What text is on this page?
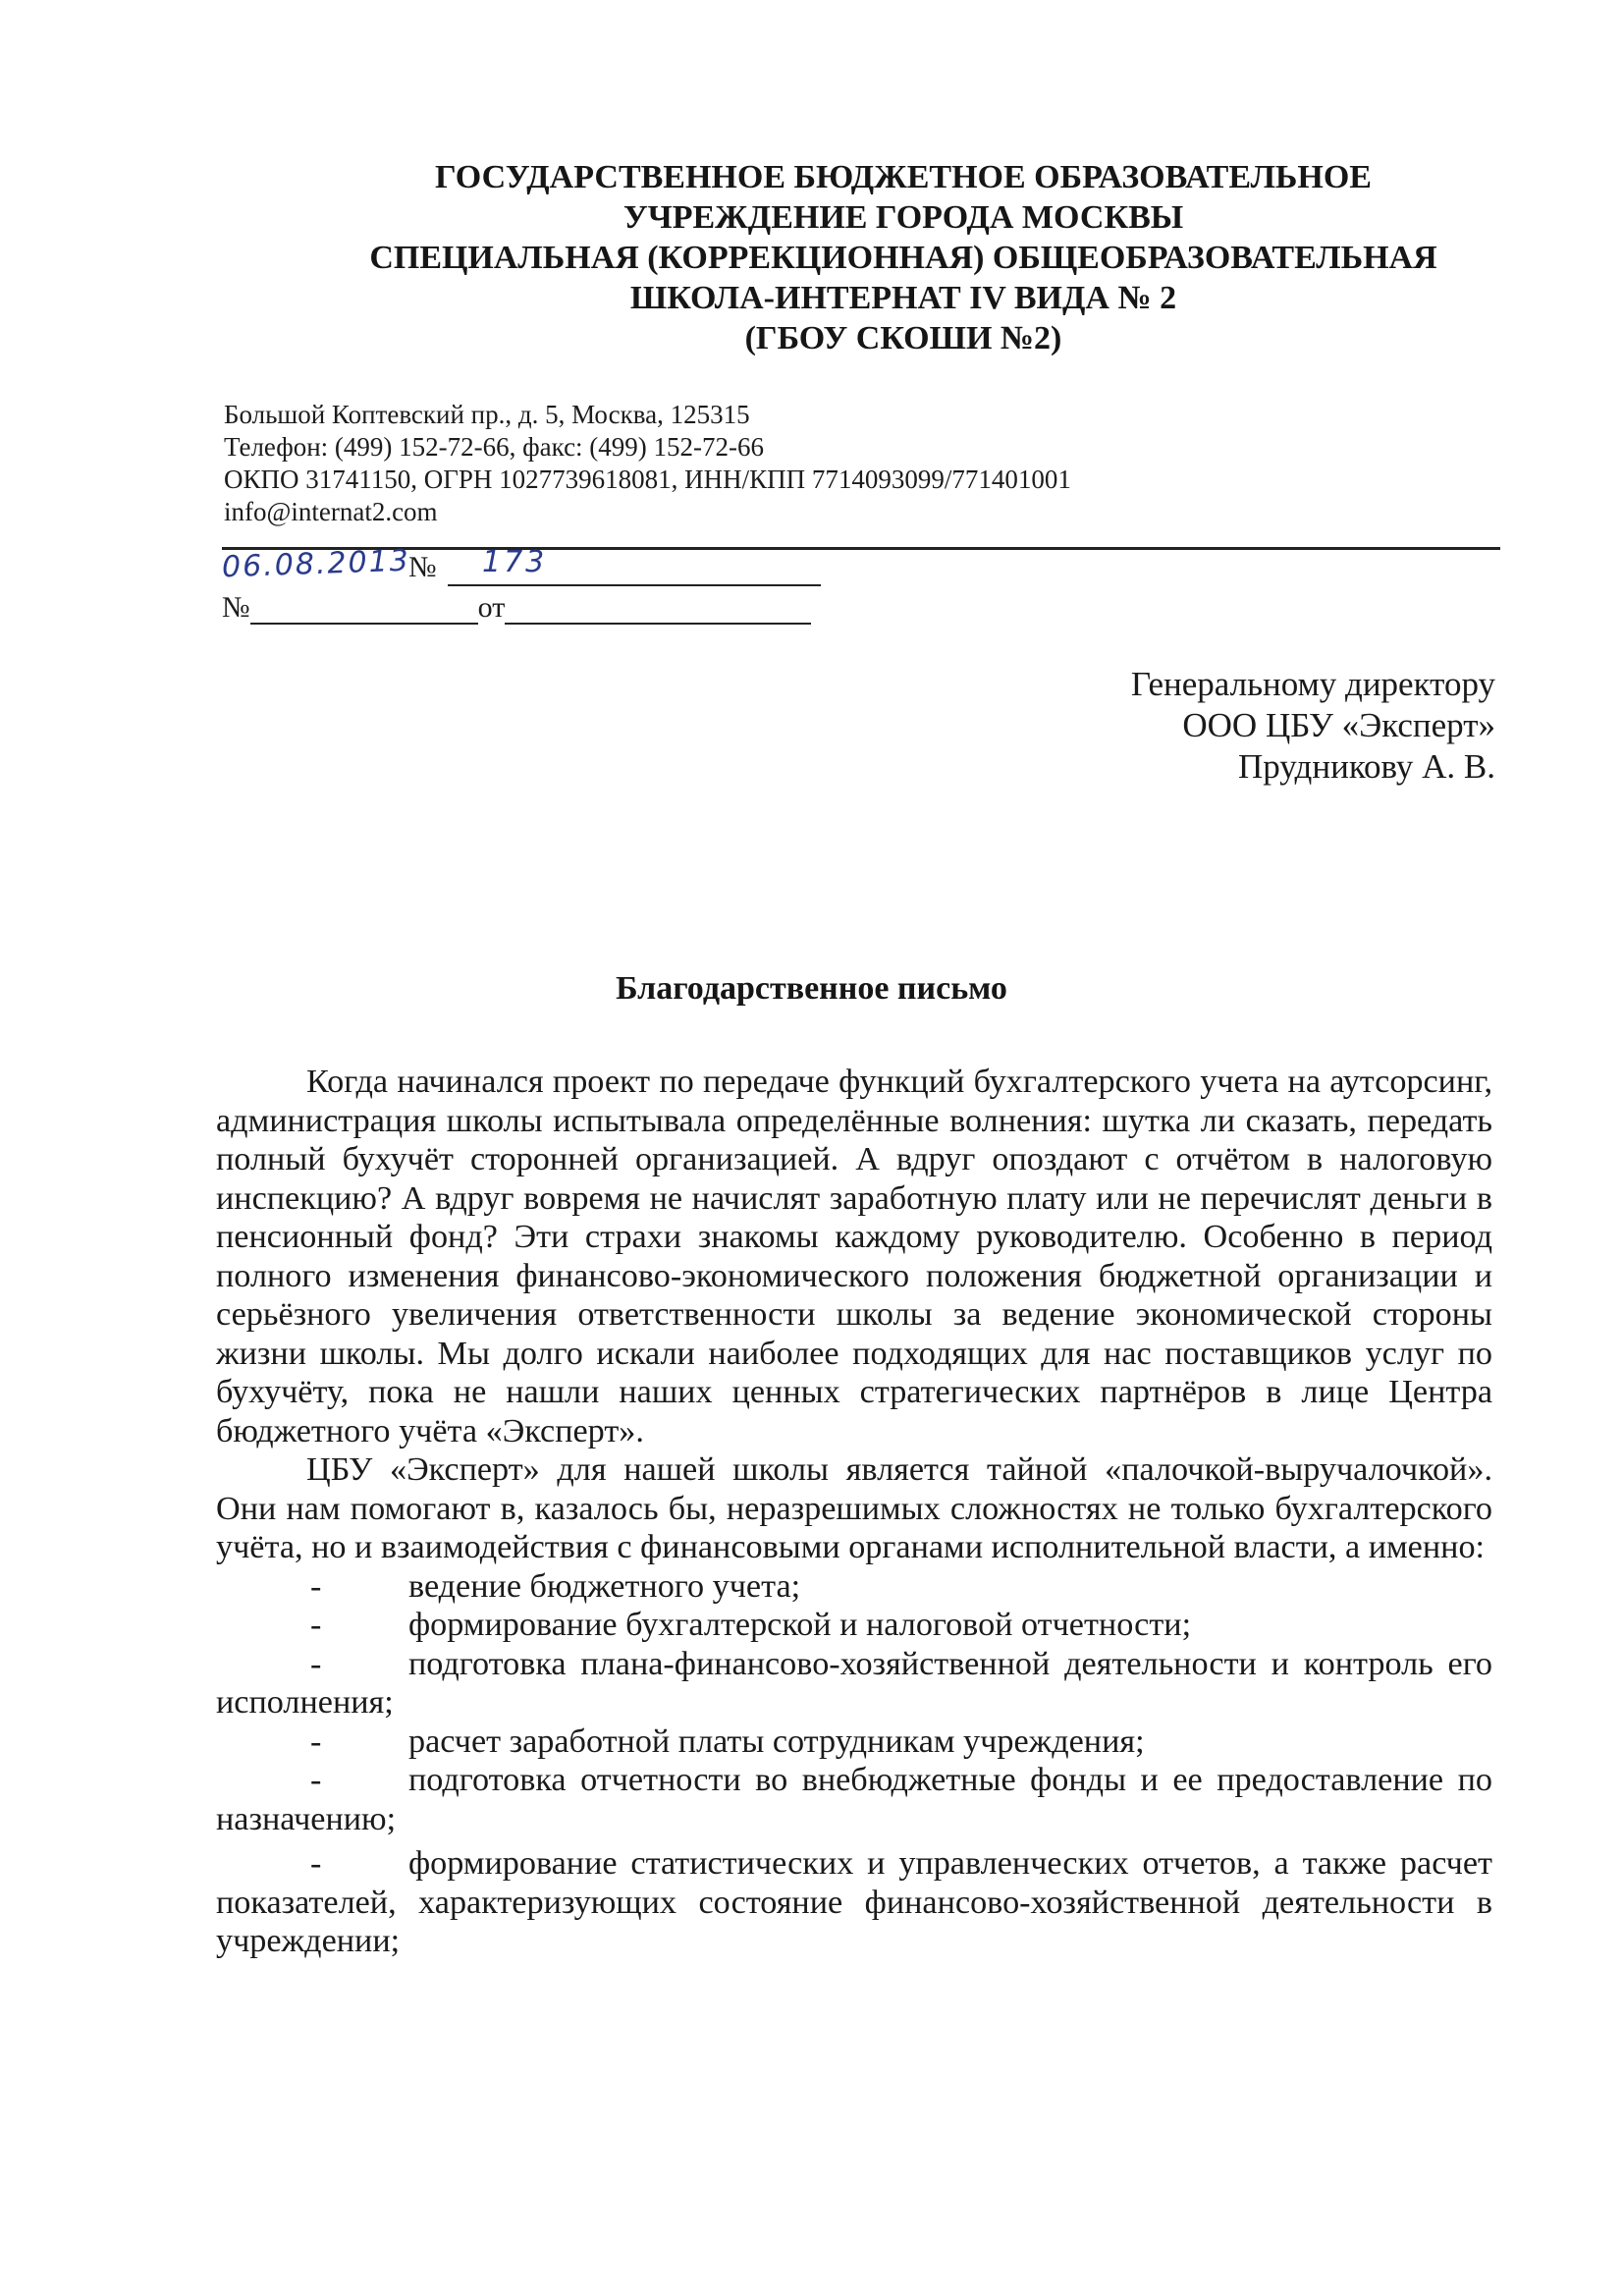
ГОСУДАРСТВЕННОЕ БЮДЖЕТНОЕ ОБРАЗОВАТЕЛЬНОЕ
УЧРЕЖДЕНИЕ ГОРОДА МОСКВЫ
СПЕЦИАЛЬНАЯ (КОРРЕКЦИОННАЯ) ОБЩЕОБРАЗОВАТЕЛЬНАЯ
ШКОЛА-ИНТЕРНАТ IV ВИДА № 2
(ГБОУ СКОШИ №2)
Большой Коптевский пр., д. 5, Москва, 125315
Телефон: (499) 152-72-66, факс: (499) 152-72-66
ОКПО 31741150, ОГРН 1027739618081, ИНН/КПП 7714093099/771401001
info@internat2.com
06.08.2013
№ 173
№	от
Генеральному директору
ООО ЦБУ «Эксперт»
Прудникову А. В.
Благодарственное письмо

Когда начинался проект по передаче функций бухгалтерского учета на аутсорсинг, администрация школы испытывала определённые волнения: шутка ли сказать, передать полный бухучёт сторонней организацией. А вдруг опоздают с отчётом в налоговую инспекцию? А вдруг вовремя не начислят заработную плату или не перечислят деньги в пенсионный фонд? Эти страхи знакомы каждому руководителю. Особенно в период полного изменения финансово-экономического положения бюджетной организации и серьёзного увеличения ответственности школы за ведение экономической стороны жизни школы. Мы долго искали наиболее подходящих для нас поставщиков услуг по бухучёту, пока не нашли наших ценных стратегических партнёров в лице Центра бюджетного учёта «Эксперт».

ЦБУ «Эксперт» для нашей школы является тайной «палочкой-выручалочкой». Они нам помогают в, казалось бы, неразрешимых сложностях не только бухгалтерского учёта, но и взаимодействия с финансовыми органами исполнительной власти, а именно:

-	ведение бюджетного учета;
-	формирование бухгалтерской и налоговой отчетности;
-	подготовка плана-финансово-хозяйственной деятельности и контроль его исполнения;
-	расчет заработной платы сотрудникам учреждения;
-	подготовка отчетности во внебюджетные фонды и ее предоставление по назначению;
-	формирование статистических и управленческих отчетов, а также расчет показателей, характеризующих состояние финансово-хозяйственной деятельности в учреждении;
